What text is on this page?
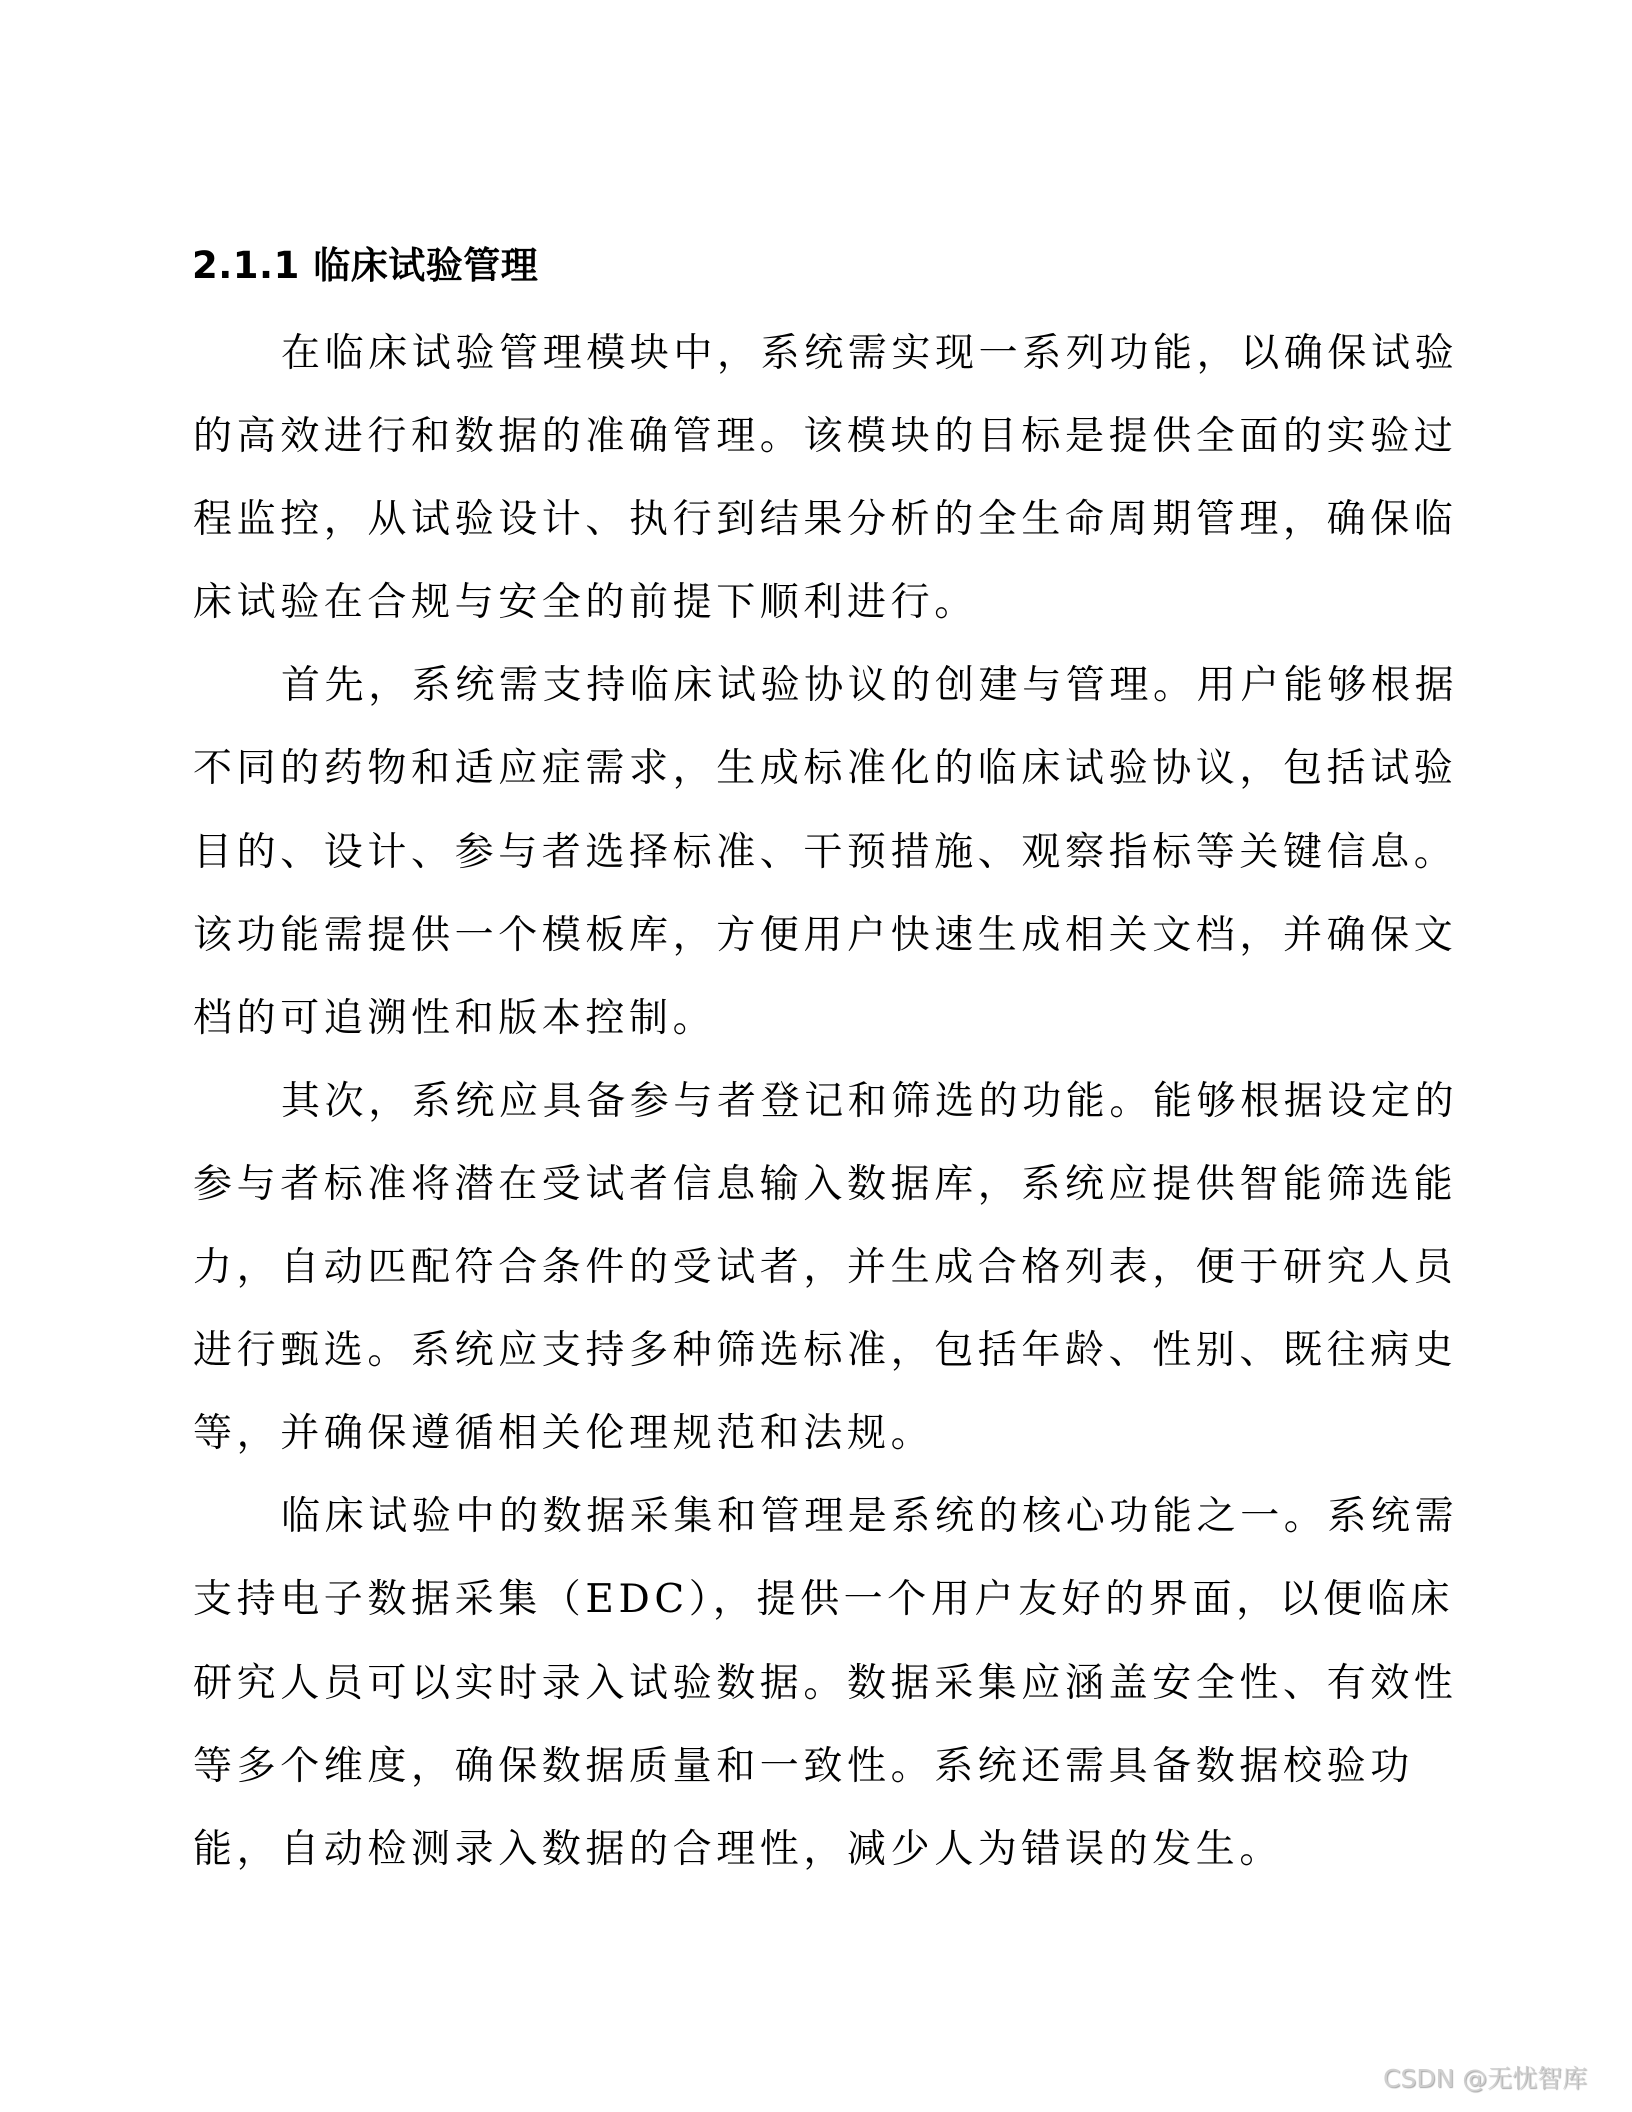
2.1.1 临床试验管理

在临床试验管理模块中，系统需实现一系列功能，以确保试验
的高效进行和数据的准确管理。该模块的目标是提供全面的实验过
程监控，从试验设计、执行到结果分析的全生命周期管理，确保临
床试验在合规与安全的前提下顺利进行。

首先，系统需支持临床试验协议的创建与管理。用户能够根据
不同的药物和适应症需求，生成标准化的临床试验协议，包括试验
目的、设计、参与者选择标准、干预措施、观察指标等关键信息。
该功能需提供一个模板库，方便用户快速生成相关文档，并确保文
档的可追溯性和版本控制。

其次，系统应具备参与者登记和筛选的功能。能够根据设定的
参与者标准将潜在受试者信息输入数据库，系统应提供智能筛选能
力，自动匹配符合条件的受试者，并生成合格列表，便于研究人员
进行甄选。系统应支持多种筛选标准，包括年龄、性别、既往病史
等，并确保遵循相关伦理规范和法规。

临床试验中的数据采集和管理是系统的核心功能之一。系统需
支持电子数据采集（EDC），提供一个用户友好的界面，以便临床
研究人员可以实时录入试验数据。数据采集应涵盖安全性、有效性
等多个维度，确保数据质量和一致性。系统还需具备数据校验功
能，自动检测录入数据的合理性，减少人为错误的发生。

CSDN @无忧智库
